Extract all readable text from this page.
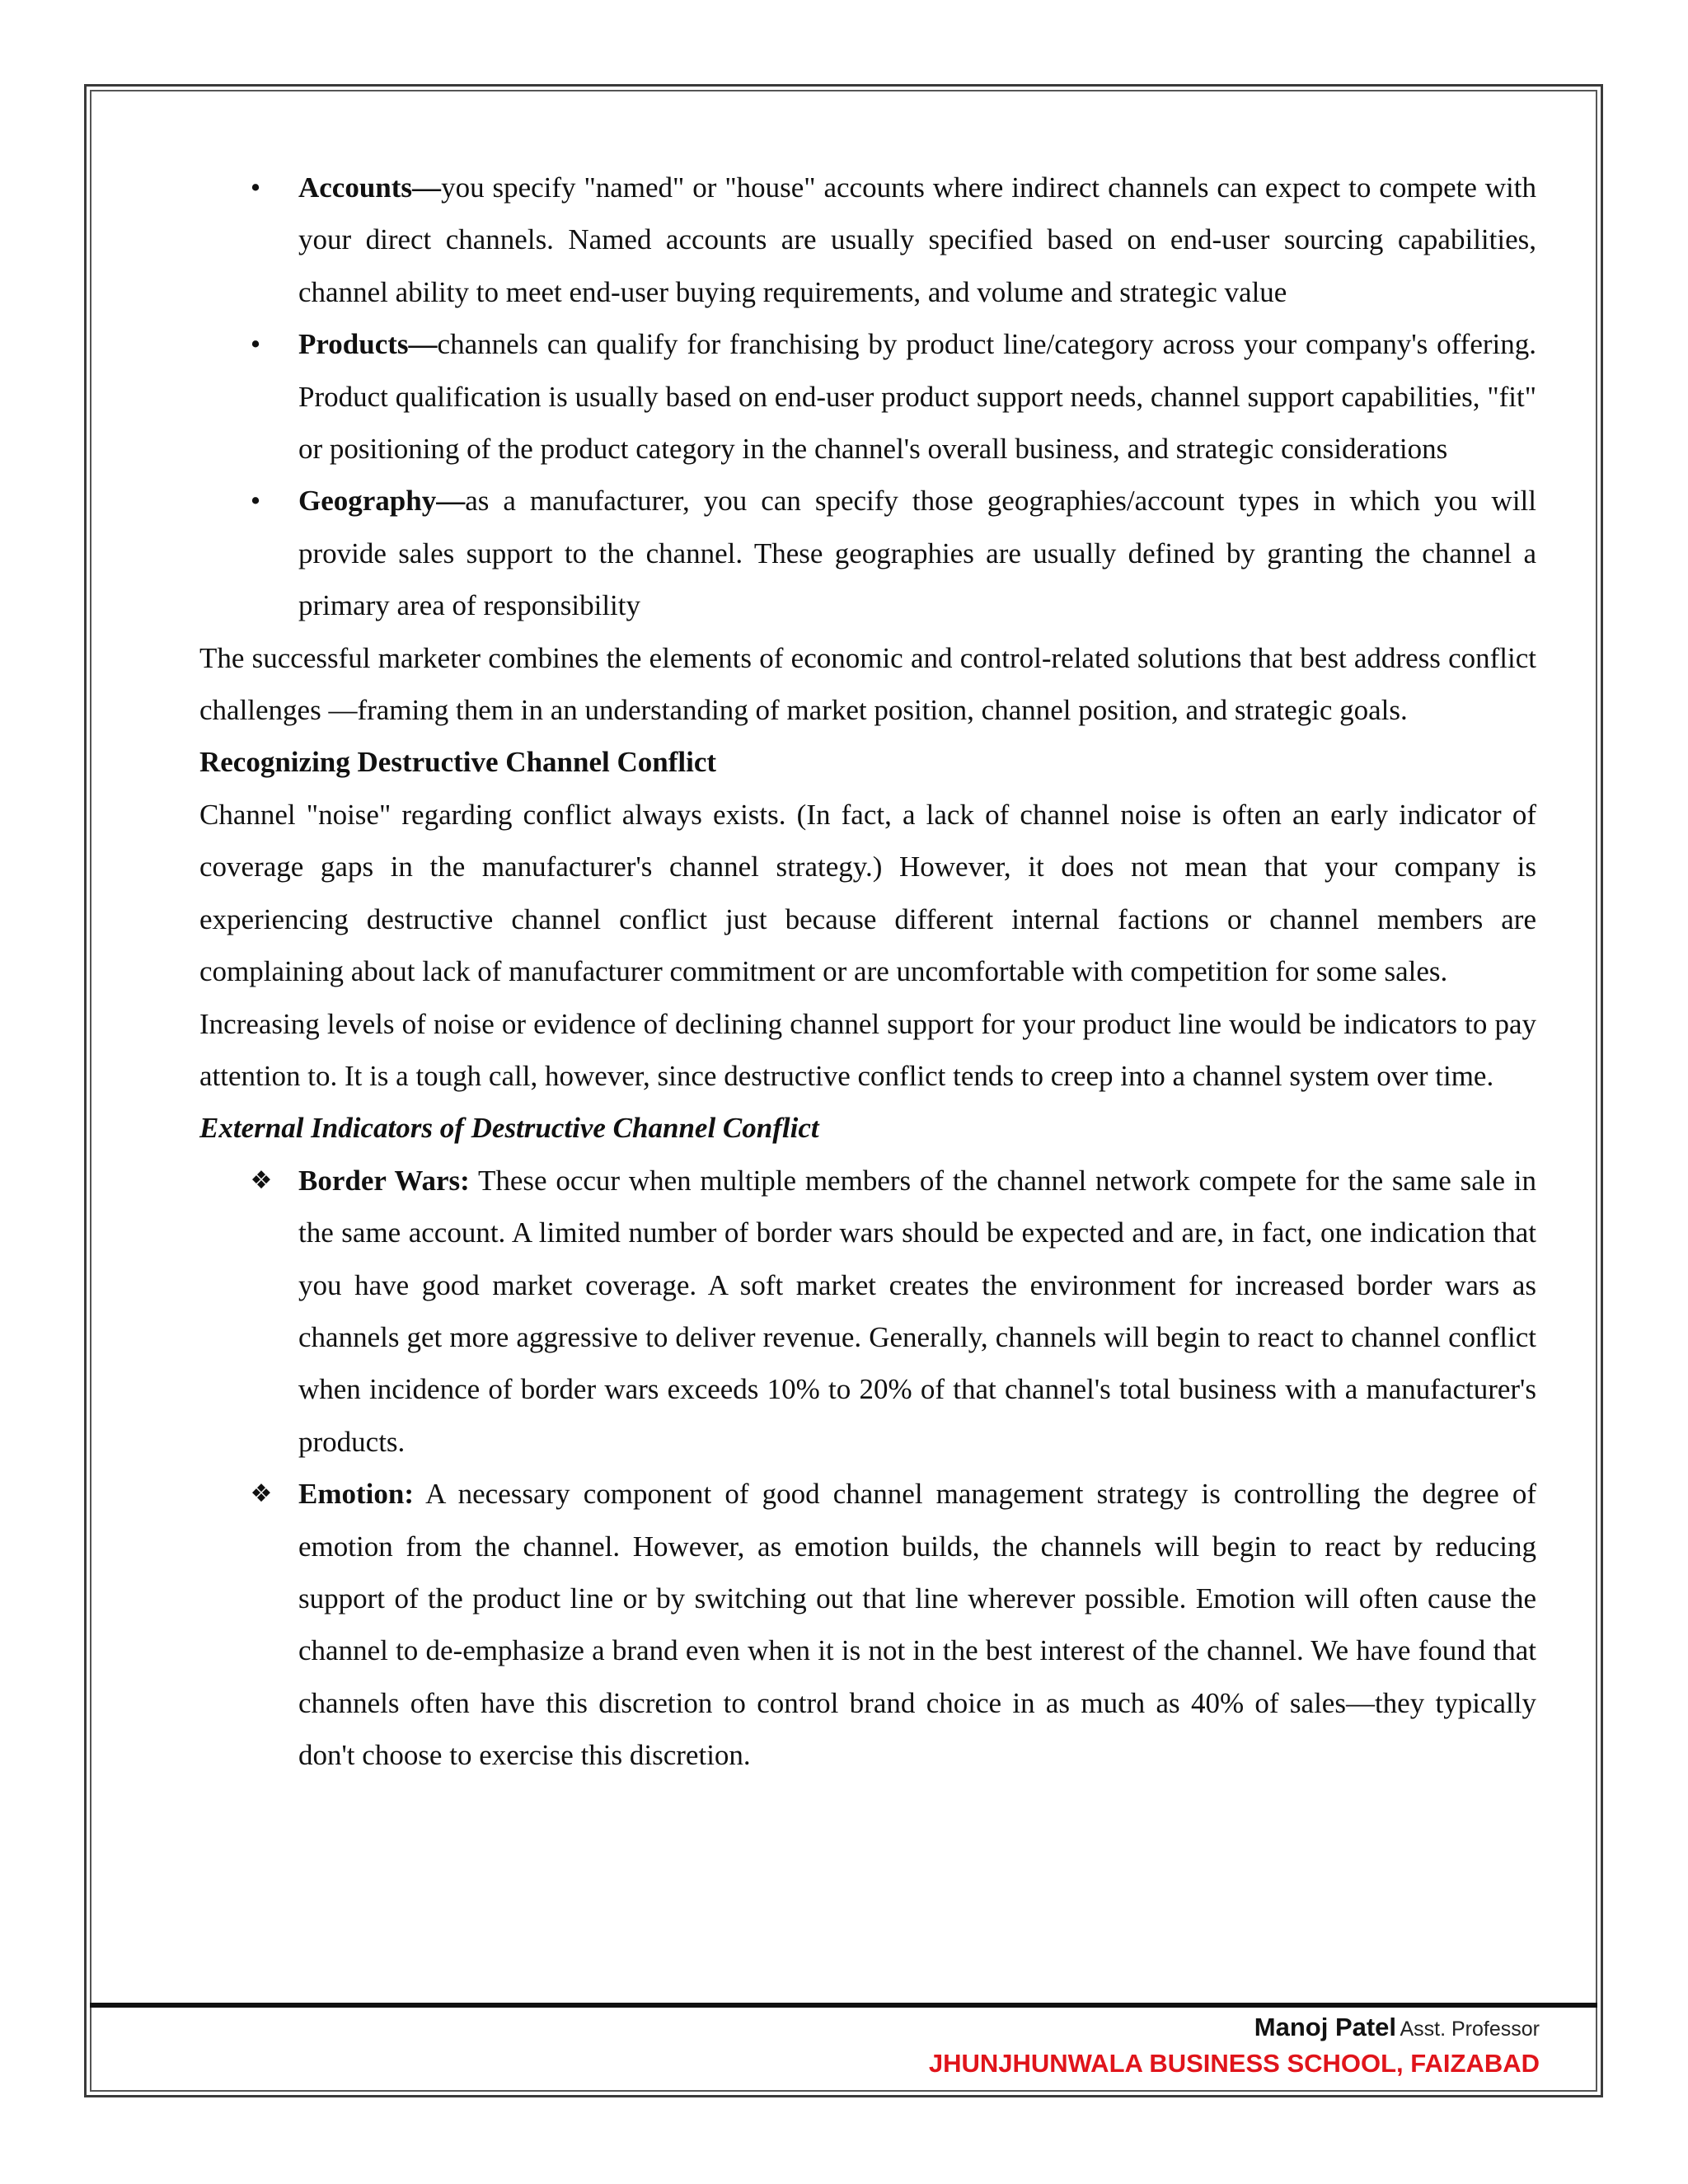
• Accounts—you specify "named" or "house" accounts where indirect channels can expect to compete with your direct channels. Named accounts are usually specified based on end-user sourcing capabilities, channel ability to meet end-user buying requirements, and volume and strategic value
• Products—channels can qualify for franchising by product line/category across your company's offering. Product qualification is usually based on end-user product support needs, channel support capabilities, "fit" or positioning of the product category in the channel's overall business, and strategic considerations
• Geography—as a manufacturer, you can specify those geographies/account types in which you will provide sales support to the channel. These geographies are usually defined by granting the channel a primary area of responsibility

The successful marketer combines the elements of economic and control-related solutions that best address conflict challenges —framing them in an understanding of market position, channel position, and strategic goals.

Recognizing Destructive Channel Conflict

Channel "noise" regarding conflict always exists. (In fact, a lack of channel noise is often an early indicator of coverage gaps in the manufacturer's channel strategy.) However, it does not mean that your company is experiencing destructive channel conflict just because different internal factions or channel members are complaining about lack of manufacturer commitment or are uncomfortable with competition for some sales.

Increasing levels of noise or evidence of declining channel support for your product line would be indicators to pay attention to. It is a tough call, however, since destructive conflict tends to creep into a channel system over time.

External Indicators of Destructive Channel Conflict

❖ Border Wars: These occur when multiple members of the channel network compete for the same sale in the same account. A limited number of border wars should be expected and are, in fact, one indication that you have good market coverage. A soft market creates the environment for increased border wars as channels get more aggressive to deliver revenue. Generally, channels will begin to react to channel conflict when incidence of border wars exceeds 10% to 20% of that channel's total business with a manufacturer's products.
❖ Emotion: A necessary component of good channel management strategy is controlling the degree of emotion from the channel. However, as emotion builds, the channels will begin to react by reducing support of the product line or by switching out that line wherever possible. Emotion will often cause the channel to de-emphasize a brand even when it is not in the best interest of the channel. We have found that channels often have this discretion to control brand choice in as much as 40% of sales—they typically don't choose to exercise this discretion.
Manoj Patel Asst. Professor
JHUNJHUNWALA BUSINESS SCHOOL, FAIZABAD
